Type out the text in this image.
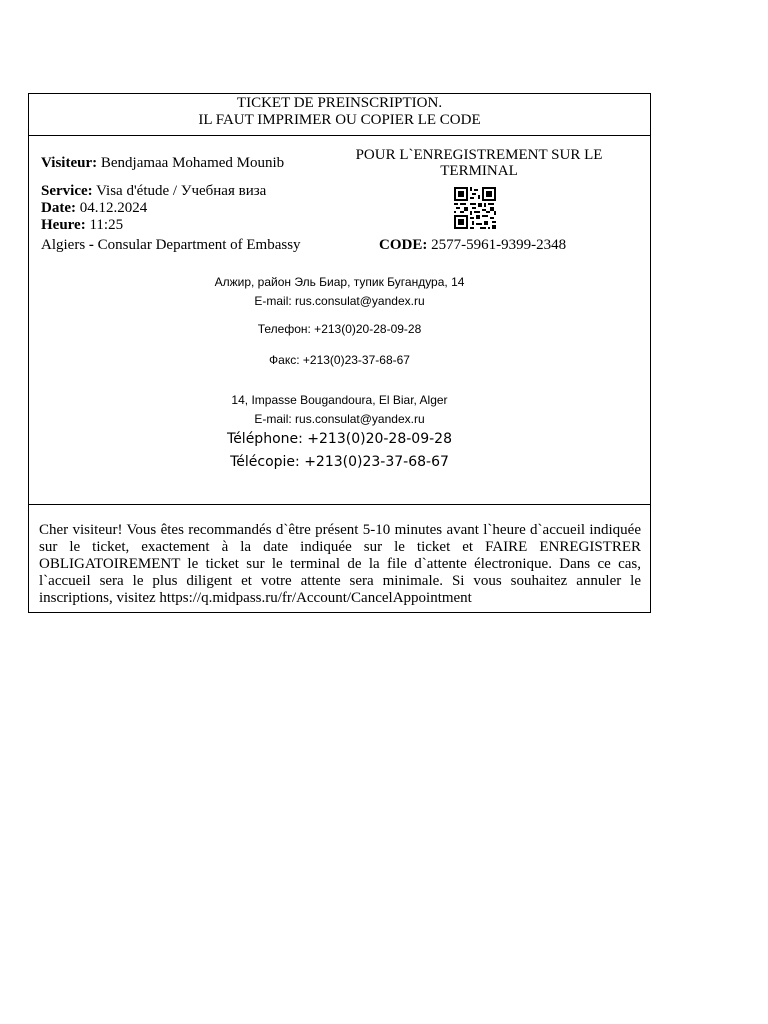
TICKET DE PREINSCRIPTION.
IL FAUT IMPRIMER OU COPIER LE CODE
Visiteur: Bendjamaa Mohamed Mounib
Service: Visa d'étude / Учебная виза
Date: 04.12.2024
Heure: 11:25
Algiers - Consular Department of Embassy
POUR L`ENREGISTREMENT SUR LE
TERMINAL
CODE: 2577-5961-9399-2348
Алжир, район Эль Биар, тупик Бугандура, 14
E-mail: rus.consulat@yandex.ru
Телефон: +213(0)20-28-09-28
Факс: +213(0)23-37-68-67
14, Impasse Bougandoura, El Biar, Alger
E-mail: rus.consulat@yandex.ru
Téléphone: +213(0)20-28-09-28
Télécopie: +213(0)23-37-68-67
Cher visiteur! Vous êtes recommandés d`être présent 5-10 minutes avant l`heure d`accueil indiquée sur le ticket, exactement à la date indiquée sur le ticket et FAIRE ENREGISTRER OBLIGATOIREMENT le ticket sur le terminal de la file d`attente électronique. Dans ce cas, l`accueil sera le plus diligent et votre attente sera minimale. Si vous souhaitez annuler le inscriptions, visitez https://q.midpass.ru/fr/Account/CancelAppointment
